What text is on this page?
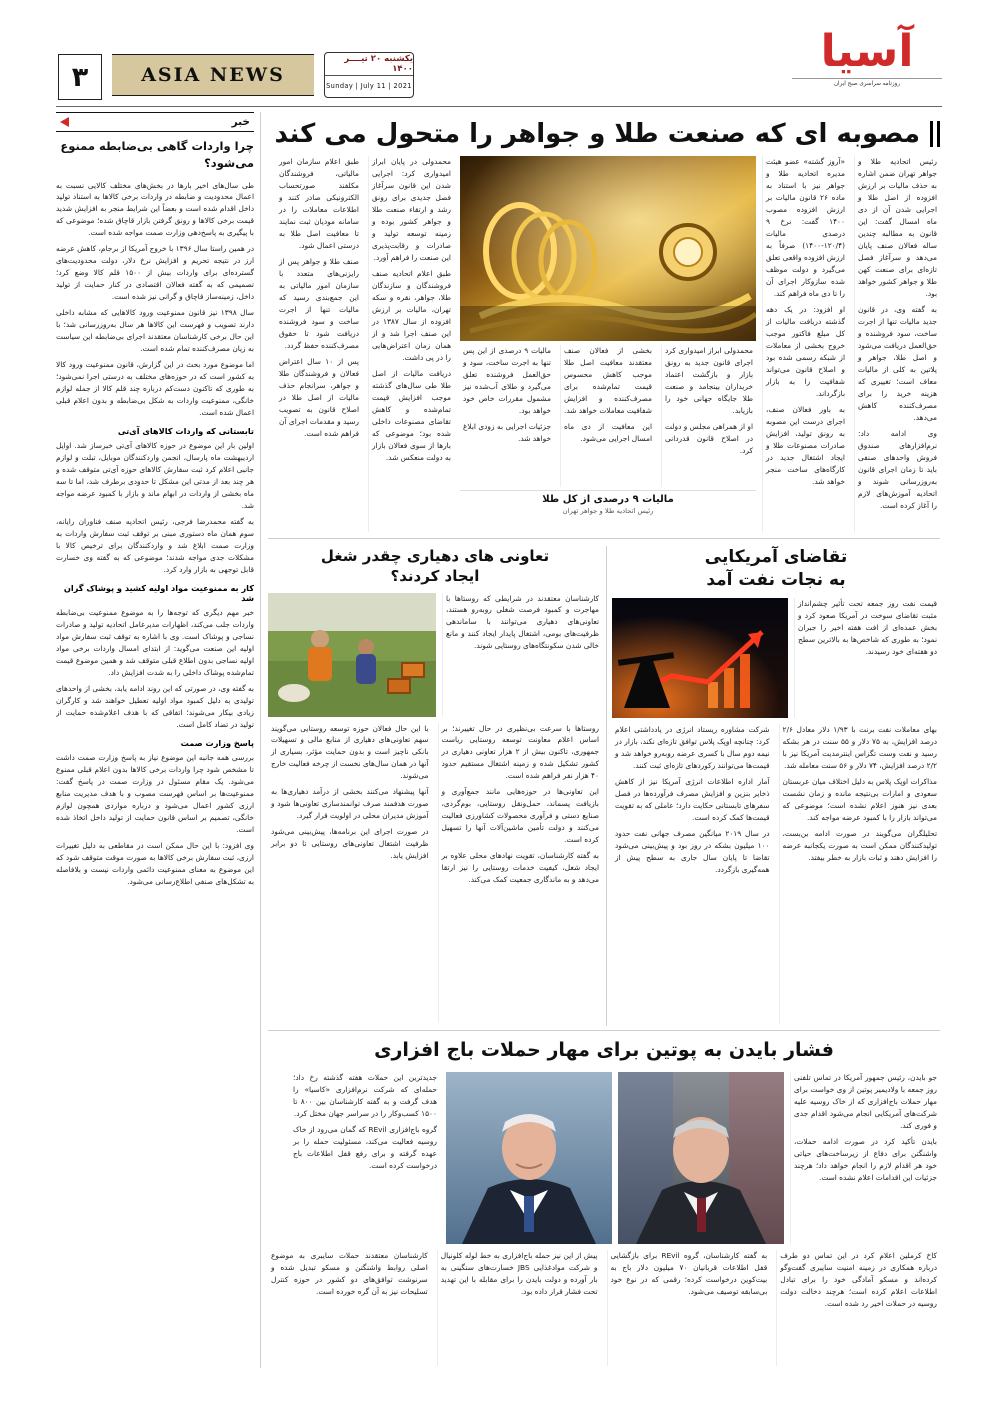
۳	ASIA NEWS
یکشنبه ۲۰ تیــــر ۱۴۰۰
Sunday | July 11 | 2021
آسیا
روزنامه سراسری صبح ایران
خبر
چرا واردات گاهی بی‌ضابطه ممنوع می‌شود؟

طی سال‌های اخیر بارها در بخش‌های مختلف کالایی نسبت به اعمال محدودیت و ضابطه در واردات برخی کالاها به استناد تولید داخل اقدام شده است و بعضاً این شرایط منجر به افزایش شدید قیمت برخی کالاها و رونق گرفتن بازار قاچاق شده؛ موضوعی که با پیگیری به پاسخ‌دهی وزارت صمت مواجه شده است.

در همین راستا سال ۱۳۹۶ با خروج آمریکا از برجام، کاهش عرضه ارز در نتیجه تحریم و افزایش نرخ دلار، دولت محدودیت‌های گسترده‌ای برای واردات بیش از ۱۵۰۰ قلم کالا وضع کرد؛ تصمیمی که به گفته فعالان اقتصادی در کنار حمایت از تولید داخل، زمینه‌ساز قاچاق و گرانی نیز شده است.

سال ۱۳۹۸ نیز قانون ممنوعیت ورود کالاهایی که مشابه داخلی دارند تصویب و فهرست این کالاها هر سال به‌روزرسانی شد؛ با این حال برخی کارشناسان معتقدند اجرای بی‌ضابطه این سیاست به زیان مصرف‌کننده تمام شده است.

اما موضوع مورد بحث در این گزارش، قانون ممنوعیت ورود کالا به کشور است که در حوزه‌های مختلف به درستی اجرا نمی‌شود؛ به طوری که تاکنون دست‌کم درباره چند قلم کالا از جمله لوازم خانگی، ممنوعیت واردات به شکل بی‌ضابطه و بدون اعلام قبلی اعمال شده است.

تابستانی که واردات کالاهای آی‌تی

اولین بار این موضوع در حوزه کالاهای آی‌تی خبرساز شد. اوایل اردیبهشت ماه پارسال، انجمن واردکنندگان موبایل، تبلت و لوازم جانبی اعلام کرد ثبت سفارش کالاهای حوزه آی‌تی متوقف شده و هر چند بعد از مدتی این مشکل تا حدودی برطرف شد، اما تا سه ماه بخشی از واردات در ابهام ماند و بازار با کمبود عرضه مواجه شد.

به گفته محمدرضا فرجی، رئیس اتحادیه صنف فناوران رایانه، سوم همان ماه دستوری مبنی بر توقف ثبت سفارش واردات به وزارت صمت ابلاغ شد و واردکنندگان برای ترخیص کالا با مشکلات جدی مواجه شدند؛ موضوعی که به گفته وی خسارت قابل توجهی به بازار وارد کرد.

کار به ممنوعیت مواد اولیه کشید و پوشاک گران شد

خبر مهم دیگری که توجه‌ها را به موضوع ممنوعیت بی‌ضابطه واردات جلب می‌کند، اظهارات مدیرعامل اتحادیه تولید و صادرات نساجی و پوشاک است. وی با اشاره به توقف ثبت سفارش مواد اولیه این صنعت می‌گوید: از ابتدای امسال واردات برخی مواد اولیه نساجی بدون اطلاع قبلی متوقف شد و همین موضوع قیمت تمام‌شده پوشاک داخلی را به شدت افزایش داد.

به گفته وی، در صورتی که این روند ادامه یابد، بخشی از واحدهای تولیدی به دلیل کمبود مواد اولیه تعطیل خواهند شد و کارگران زیادی بیکار می‌شوند؛ اتفاقی که با هدف اعلام‌شده حمایت از تولید در تضاد کامل است.

پاسخ وزارت صمت

بررسی همه جانبه این موضوع نیاز به پاسخ وزارت صمت داشت تا مشخص شود چرا واردات برخی کالاها بدون اعلام قبلی ممنوع می‌شود. یک مقام مسئول در وزارت صمت در پاسخ گفت: ممنوعیت‌ها بر اساس فهرست مصوب و با هدف مدیریت منابع ارزی کشور اعمال می‌شود و درباره مواردی همچون لوازم خانگی، تصمیم بر اساس قانون حمایت از تولید داخل اتخاذ شده است.

وی افزود: با این حال ممکن است در مقاطعی به دلیل تغییرات ارزی، ثبت سفارش برخی کالاها به صورت موقت متوقف شود که این موضوع به معنای ممنوعیت دائمی واردات نیست و بلافاصله به تشکل‌های صنفی اطلاع‌رسانی می‌شود.

مصوبه ای که صنعت طلا و جواهر را متحول می کند

رئیس اتحادیه طلا و جواهر تهران ضمن اشاره به حذف مالیات بر ارزش افزوده از اصل طلا و اجرایی شدن آن از دی ماه امسال گفت: این قانون به مطالبه چندین ساله فعالان صنف پایان می‌دهد و سرآغاز فصل تازه‌ای برای صنعت کهن طلا و جواهر کشور خواهد بود.

به گفته وی، در قانون جدید مالیات تنها از اجرت ساخت، سود فروشنده و حق‌العمل دریافت می‌شود و اصل طلا، جواهر و پلاتین به کلی از مالیات معاف است؛ تغییری که هزینه خرید را برای مصرف‌کننده کاهش می‌دهد.

وی ادامه داد: نرم‌افزارهای صندوق فروش واحدهای صنفی باید تا زمان اجرای قانون به‌روزرسانی شوند و اتحادیه آموزش‌های لازم را آغاز کرده است.

«آروز گشته» عضو هیئت مدیره اتحادیه طلا و جواهر نیز با استناد به ماده ۲۶ قانون مالیات بر ارزش افزوده مصوب ۱۴۰۰ گفت: نرخ ۹ درصدی مالیات (۱۲۰/۴-۱۴۰۰) صرفاً به ارزش افزوده واقعی تعلق می‌گیرد و دولت موظف شده سازوکار اجرای آن را تا دی ماه فراهم کند.

او افزود: در یک دهه گذشته دریافت مالیات از کل مبلغ فاکتور موجب خروج بخشی از معاملات از شبکه رسمی شده بود و اصلاح قانون می‌تواند شفافیت را به بازار بازگرداند.

به باور فعالان صنف، اجرای درست این مصوبه به رونق تولید، افزایش صادرات مصنوعات طلا و ایجاد اشتغال جدید در کارگاه‌های ساخت منجر خواهد شد.

محمدولی ابراز امیدواری کرد اجرای قانون جدید به رونق بازار و بازگشت اعتماد خریداران بینجامد و صنعت طلا جایگاه جهانی خود را بازیابد.

او از همراهی مجلس و دولت در اصلاح قانون قدردانی کرد.

بخشی از فعالان صنف معتقدند معافیت اصل طلا موجب کاهش محسوس قیمت تمام‌شده برای مصرف‌کننده و افزایش شفافیت معاملات خواهد شد.

این معافیت از دی ماه امسال اجرایی می‌شود.

مالیات ۹ درصدی از این پس تنها به اجرت ساخت، سود و حق‌العمل فروشنده تعلق می‌گیرد و طلای آب‌شده نیز مشمول مقررات خاص خود خواهد بود.

جزئیات اجرایی به زودی ابلاغ خواهد شد.

مالیات ۹ درصدی از کل طلا
رئیس اتحادیه طلا و جواهر تهران

محمدولی در پایان ابراز امیدواری کرد: اجرایی شدن این قانون سرآغاز فصل جدیدی برای رونق رشد و ارتقاء صنعت طلا و جواهر کشور بوده و زمینه توسعه تولید و صادرات و رقابت‌پذیری این صنعت را فراهم آورد.

طبق اعلام اتحادیه صنف فروشندگان و سازندگان طلا، جواهر، نقره و سکه تهران، مالیات بر ارزش افزوده از سال ۱۳۸۷ در این صنف اجرا شد و از همان زمان اعتراض‌هایی را در پی داشت.

دریافت مالیات از اصل طلا طی سال‌های گذشته موجب افزایش قیمت تمام‌شده و کاهش تقاضای مصنوعات داخلی شده بود؛ موضوعی که بارها از سوی فعالان بازار به دولت منعکس شد.

طبق اعلام سازمان امور مالیاتی، فروشندگان مکلفند صورتحساب الکترونیکی صادر کنند و اطلاعات معاملات را در سامانه مودیان ثبت نمایند تا معافیت اصل طلا به درستی اعمال شود.

صنف طلا و جواهر پس از رایزنی‌های متعدد با سازمان امور مالیاتی به این جمع‌بندی رسید که مالیات تنها از اجرت ساخت و سود فروشنده دریافت شود تا حقوق مصرف‌کننده حفظ گردد.

پس از ۱۰ سال اعتراض فعالان و فروشندگان طلا و جواهر، سرانجام حذف مالیات از اصل طلا در اصلاح قانون به تصویب رسید و مقدمات اجرای آن فراهم شده است.

تعاونی های دهیاری چقدر شغل
ایجاد کردند؟

کارشناسان معتقدند در شرایطی که روستاها با مهاجرت و کمبود فرصت شغلی روبه‌رو هستند، تعاونی‌های دهیاری می‌توانند با ساماندهی ظرفیت‌های بومی، اشتغال پایدار ایجاد کنند و مانع خالی شدن سکونتگاه‌های روستایی شوند.

روستاها با سرعت بی‌نظیری در حال تغییرند؛ بر اساس اعلام معاونت توسعه روستایی ریاست جمهوری، تاکنون بیش از ۲ هزار تعاونی دهیاری در کشور تشکیل شده و زمینه اشتغال مستقیم حدود ۴۰ هزار نفر فراهم شده است.

این تعاونی‌ها در حوزه‌هایی مانند جمع‌آوری و بازیافت پسماند، حمل‌ونقل روستایی، بوم‌گردی، صنایع دستی و فرآوری محصولات کشاورزی فعالیت می‌کنند و دولت تأمین ماشین‌آلات آنها را تسهیل کرده است.

به گفته کارشناسان، تقویت نهادهای محلی علاوه بر ایجاد شغل، کیفیت خدمات روستایی را نیز ارتقا می‌دهد و به ماندگاری جمعیت کمک می‌کند.

با این حال فعالان حوزه توسعه روستایی می‌گویند سهم تعاونی‌های دهیاری از منابع مالی و تسهیلات بانکی ناچیز است و بدون حمایت مؤثر، بسیاری از آنها در همان سال‌های نخست از چرخه فعالیت خارج می‌شوند.

آنها پیشنهاد می‌کنند بخشی از درآمد دهیاری‌ها به صورت هدفمند صرف توانمندسازی تعاونی‌ها شود و آموزش مدیران محلی در اولویت قرار گیرد.

در صورت اجرای این برنامه‌ها، پیش‌بینی می‌شود ظرفیت اشتغال تعاونی‌های روستایی تا دو برابر افزایش یابد.

تقاضای آمریکایی
به نجات نفت آمد

قیمت نفت روز جمعه تحت تأثیر چشم‌انداز مثبت تقاضای سوخت در آمریکا صعود کرد و بخش عمده‌ای از افت هفته اخیر را جبران نمود؛ به طوری که شاخص‌ها به بالاترین سطح دو هفته‌ای خود رسیدند.

بهای معاملات نفت برنت با ۱/۹۳ دلار معادل ۲/۶ درصد افزایش، به ۷۵ دلار و ۵۵ سنت در هر بشکه رسید و نفت وست تگزاس اینترمدیت آمریکا نیز با ۲/۲ درصد افزایش، ۷۴ دلار و ۵۶ سنت معامله شد.

مذاکرات اوپک پلاس به دلیل اختلاف میان عربستان سعودی و امارات بی‌نتیجه مانده و زمان نشست بعدی نیز هنوز اعلام نشده است؛ موضوعی که می‌تواند بازار را با کمبود عرضه مواجه کند.

تحلیلگران می‌گویند در صورت ادامه بن‌بست، تولیدکنندگان ممکن است به صورت یکجانبه عرضه را افزایش دهند و ثبات بازار به خطر بیفتد.

شرکت مشاوره ریستاد انرژی در یادداشتی اعلام کرد: چنانچه اوپک پلاس توافق تازه‌ای نکند، بازار در نیمه دوم سال با کسری عرضه روبه‌رو خواهد شد و قیمت‌ها می‌توانند رکوردهای تازه‌ای ثبت کنند.

آمار اداره اطلاعات انرژی آمریکا نیز از کاهش ذخایر بنزین و افزایش مصرف فرآورده‌ها در فصل سفرهای تابستانی حکایت دارد؛ عاملی که به تقویت قیمت‌ها کمک کرده است.

در سال ۲۰۱۹ میانگین مصرف جهانی نفت حدود ۱۰۰ میلیون بشکه در روز بود و پیش‌بینی می‌شود تقاضا تا پایان سال جاری به سطح پیش از همه‌گیری بازگردد.

فشار بایدن به پوتین برای مهار حملات باج افزاری

جو بایدن، رئیس جمهور آمریکا در تماس تلفنی روز جمعه با ولادیمیر پوتین از وی خواست برای مهار حملات باج‌افزاری که از خاک روسیه علیه شرکت‌های آمریکایی انجام می‌شود اقدام جدی و فوری کند.

بایدن تأکید کرد در صورت ادامه حملات، واشنگتن برای دفاع از زیرساخت‌های حیاتی خود هر اقدام لازم را انجام خواهد داد؛ هرچند جزئیات این اقدامات اعلام نشده است.

جدیدترین این حملات هفته گذشته رخ داد؛ حمله‌ای که شرکت نرم‌افزاری «کاسیا» را هدف گرفت و به گفته کارشناسان بین ۸۰۰ تا ۱۵۰۰ کسب‌وکار را در سراسر جهان مختل کرد.

گروه باج‌افزاری REvil که گمان می‌رود از خاک روسیه فعالیت می‌کند، مسئولیت حمله را بر عهده گرفته و برای رفع قفل اطلاعات باج درخواست کرده است.

کاخ کرملین اعلام کرد در این تماس دو طرف درباره همکاری در زمینه امنیت سایبری گفت‌وگو کرده‌اند و مسکو آمادگی خود را برای تبادل اطلاعات اعلام کرده است؛ هرچند دخالت دولت روسیه در حملات اخیر رد شده است.

به گفته کارشناسان، گروه REvil برای بازگشایی قفل اطلاعات قربانیان ۷۰ میلیون دلار باج به بیت‌کوین درخواست کرده؛ رقمی که در نوع خود بی‌سابقه توصیف می‌شود.

پیش از این نیز حمله باج‌افزاری به خط لوله کلونیال و شرکت موادغذایی JBS خسارت‌های سنگینی به بار آورده و دولت بایدن را برای مقابله با این تهدید تحت فشار قرار داده بود.

کارشناسان معتقدند حملات سایبری به موضوع اصلی روابط واشنگتن و مسکو تبدیل شده و سرنوشت توافق‌های دو کشور در حوزه کنترل تسلیحات نیز به آن گره خورده است.
